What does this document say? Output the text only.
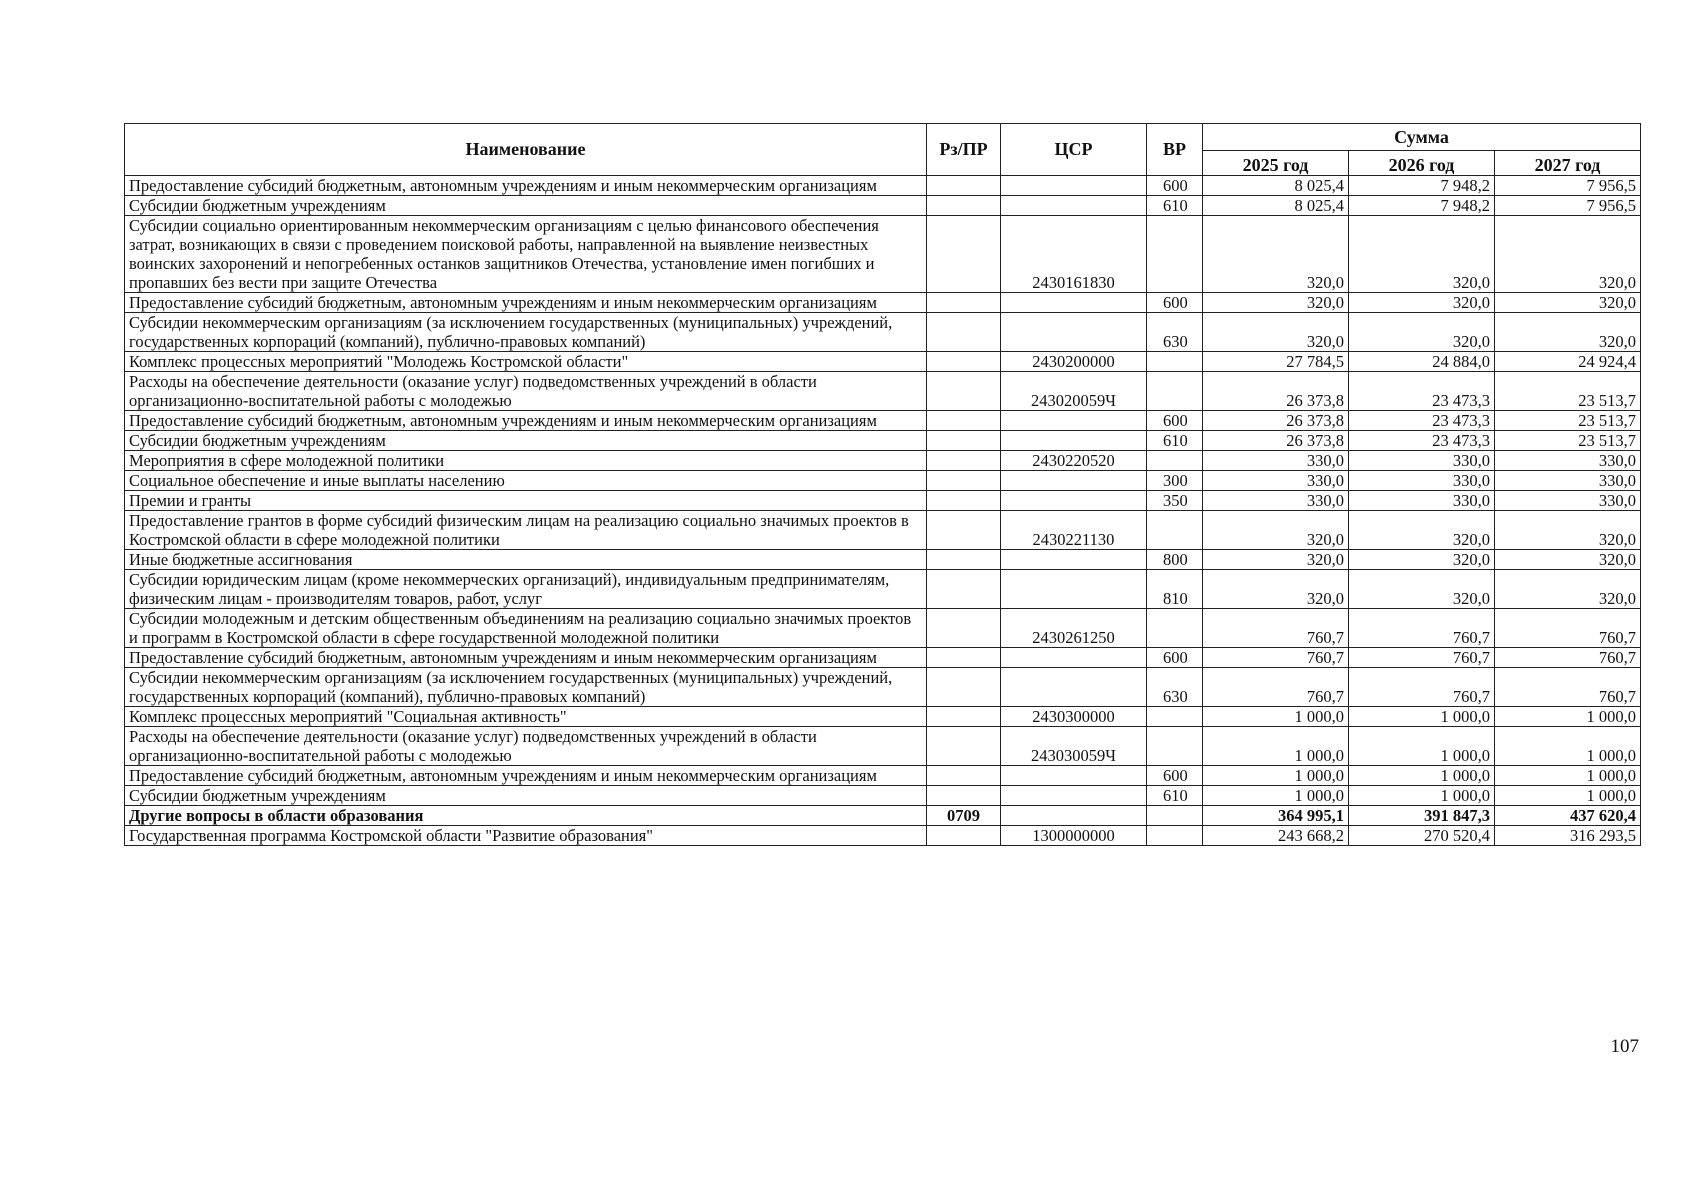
Наименование	Рз/ПР	ЦСР	ВР	Сумма		
				2025 год	2026 год	2027 год
Предоставление субсидий бюджетным, автономным учреждениям и иным некоммерческим организациям			600	8 025,4	7 948,2	7 956,5
Субсидии бюджетным учреждениям			610	8 025,4	7 948,2	7 956,5
Субсидии социально ориентированным некоммерческим организациям с целью финансового обеспечения затрат, возникающих в связи с проведением поисковой работы, направленной на выявление неизвестных воинских захоронений и непогребенных останков защитников Отечества, установление имен погибших и пропавших без вести при защите Отечества		2430161830		320,0	320,0	320,0
Предоставление субсидий бюджетным, автономным учреждениям и иным некоммерческим организациям			600	320,0	320,0	320,0
Субсидии некоммерческим организациям (за исключением государственных (муниципальных) учреждений, государственных корпораций (компаний), публично-правовых компаний)			630	320,0	320,0	320,0
Комплекс процессных мероприятий "Молодежь Костромской области"		2430200000		27 784,5	24 884,0	24 924,4
Расходы на обеспечение деятельности (оказание услуг) подведомственных учреждений в области организационно-воспитательной работы с молодежью		243020059Ч		26 373,8	23 473,3	23 513,7
Предоставление субсидий бюджетным, автономным учреждениям и иным некоммерческим организациям			600	26 373,8	23 473,3	23 513,7
Субсидии бюджетным учреждениям			610	26 373,8	23 473,3	23 513,7
Мероприятия в сфере молодежной политики		2430220520		330,0	330,0	330,0
Социальное обеспечение и иные выплаты населению			300	330,0	330,0	330,0
Премии и гранты			350	330,0	330,0	330,0
Предоставление грантов в форме субсидий физическим лицам на реализацию социально значимых проектов в Костромской области в сфере молодежной политики		2430221130		320,0	320,0	320,0
Иные бюджетные ассигнования			800	320,0	320,0	320,0
Субсидии юридическим лицам (кроме некоммерческих организаций), индивидуальным предпринимателям, физическим лицам - производителям товаров, работ, услуг			810	320,0	320,0	320,0
Субсидии молодежным и детским общественным объединениям на реализацию социально значимых проектов и программ в Костромской области в сфере государственной молодежной политики		2430261250		760,7	760,7	760,7
Предоставление субсидий бюджетным, автономным учреждениям и иным некоммерческим организациям			600	760,7	760,7	760,7
Субсидии некоммерческим организациям (за исключением государственных (муниципальных) учреждений, государственных корпораций (компаний), публично-правовых компаний)			630	760,7	760,7	760,7
Комплекс процессных мероприятий "Социальная активность"		2430300000		1 000,0	1 000,0	1 000,0
Расходы на обеспечение деятельности (оказание услуг) подведомственных учреждений в области организационно-воспитательной работы с молодежью		243030059Ч		1 000,0	1 000,0	1 000,0
Предоставление субсидий бюджетным, автономным учреждениям и иным некоммерческим организациям			600	1 000,0	1 000,0	1 000,0
Субсидии бюджетным учреждениям			610	1 000,0	1 000,0	1 000,0
Другие вопросы в области образования	0709			364 995,1	391 847,3	437 620,4
Государственная программа Костромской области "Развитие образования"		1300000000		243 668,2	270 520,4	316 293,5
107
